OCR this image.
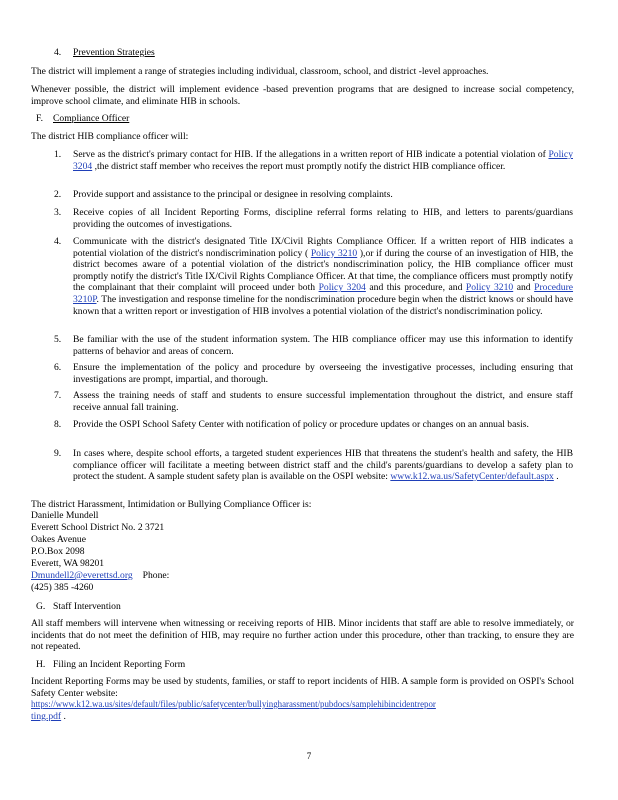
4. Prevention Strategies

The district will implement a range of strategies including individual, classroom, school, and district -level approaches.

Whenever possible, the district will implement evidence -based prevention programs that are designed to increase social competency, improve school climate, and eliminate HIB in schools.

F. Compliance Officer

The district HIB compliance officer will:

1.	Serve as the district's primary contact for HIB. If the allegations in a written report of HIB indicate a potential violation of Policy 3204 ,the district staff member who receives the report must promptly notify the district HIB compliance officer.
2.	Provide support and assistance to the principal or designee in resolving complaints.
3.	Receive copies of all Incident Reporting Forms, discipline referral forms relating to HIB, and letters to parents/guardians providing the outcomes of investigations.
4.	Communicate with the district's designated Title IX/Civil Rights Compliance Officer. If a written report of HIB indicates a potential violation of the district's nondiscrimination policy ( Policy 3210 ),or if during the course of an investigation of HIB, the district becomes aware of a potential violation of the district's nondiscrimination policy, the HIB compliance officer must promptly notify the district's Title IX/Civil Rights Compliance Officer. At that time, the compliance officers must promptly notify the complainant that their complaint will proceed under both Policy 3204 and this procedure, and Policy 3210 and Procedure 3210P. The investigation and response timeline for the nondiscrimination procedure begin when the district knows or should have known that a written report or investigation of HIB involves a potential violation of the district's nondiscrimination policy.
5.	Be familiar with the use of the student information system. The HIB compliance officer may use this information to identify patterns of behavior and areas of concern.
6.	Ensure the implementation of the policy and procedure by overseeing the investigative processes, including ensuring that investigations are prompt, impartial, and thorough.
7.	Assess the training needs of staff and students to ensure successful implementation throughout the district, and ensure staff receive annual fall training.
8.	Provide the OSPI School Safety Center with notification of policy or procedure updates or changes on an annual basis.
9.	In cases where, despite school efforts, a targeted student experiences HIB that threatens the student's health and safety, the HIB compliance officer will facilitate a meeting between district staff and the child's parents/guardians to develop a safety plan to protect the student. A sample student safety plan is available on the OSPI website: www.k12.wa.us/SafetyCenter/default.aspx .
The district Harassment, Intimidation or Bullying Compliance Officer is:
Danielle Mundell
Everett School District No. 2 3721
Oakes Avenue
P.O.Box 2098
Everett, WA 98201
Dmundell2@everettsd.org Phone:
(425) 385 -4260
G. Staff Intervention

All staff members will intervene when witnessing or receiving reports of HIB. Minor incidents that staff are able to resolve immediately, or incidents that do not meet the definition of HIB, may require no further action under this procedure, other than tracking, to ensure they are not repeated.

H. Filing an Incident Reporting Form

Incident Reporting Forms may be used by students, families, or staff to report incidents of HIB. A sample form is provided on OSPI's School Safety Center website:

https://www.k12.wa.us/sites/default/files/public/safetycenter/bullyingharassment/pubdocs/samplehibincidentrepor
ting.pdf .
7
